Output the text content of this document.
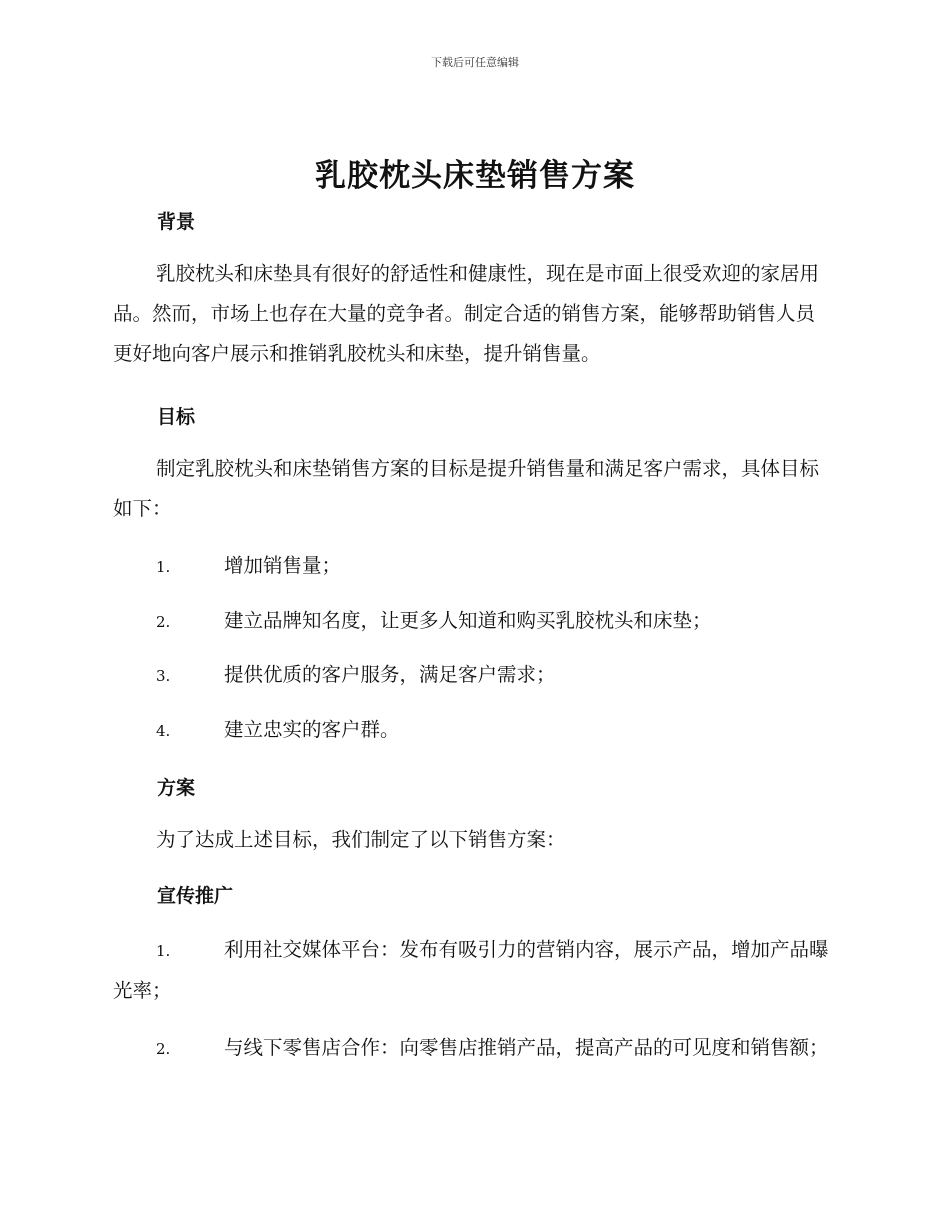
下载后可任意编辑
乳胶枕头床垫销售方案
背景
乳胶枕头和床垫具有很好的舒适性和健康性，现在是市面上很受欢迎的家居用品。然而，市场上也存在大量的竞争者。制定合适的销售方案，能够帮助销售人员更好地向客户展示和推销乳胶枕头和床垫，提升销售量。
目标
制定乳胶枕头和床垫销售方案的目标是提升销售量和满足客户需求，具体目标如下：
1.	增加销售量；
2.	建立品牌知名度，让更多人知道和购买乳胶枕头和床垫；
3.	提供优质的客户服务，满足客户需求；
4.	建立忠实的客户群。
方案
为了达成上述目标，我们制定了以下销售方案：
宣传推广
1.	利用社交媒体平台：发布有吸引力的营销内容，展示产品，增加产品曝光率；
2.	与线下零售店合作：向零售店推销产品，提高产品的可见度和销售额；
